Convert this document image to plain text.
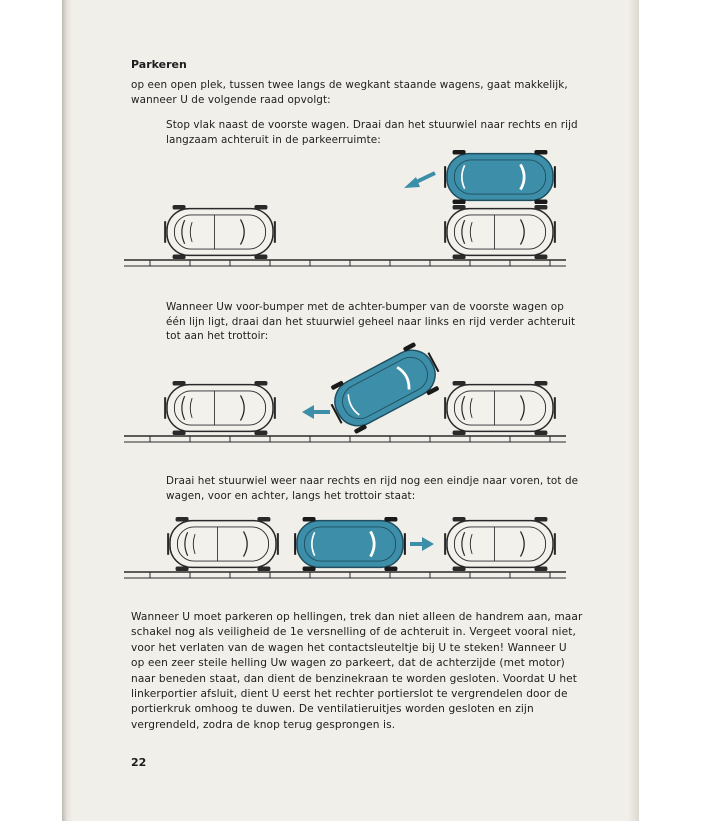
Parkeren
op een open plek, tussen twee langs de wegkant staande wagens, gaat makkelijk, wanneer U de volgende raad opvolgt:
Stop vlak naast de voorste wagen. Draai dan het stuurwiel naar rechts en rijd langzaam achteruit in de parkeerruimte:
Wanneer Uw voor-bumper met de achter-bumper van de voorste wagen op één lijn ligt, draai dan het stuurwiel geheel naar links en rijd verder achteruit tot aan het trottoir:
Draai het stuurwiel weer naar rechts en rijd nog een eindje naar voren, tot de wagen, voor en achter, langs het trottoir staat:
Wanneer U moet parkeren op hellingen, trek dan niet alleen de handrem aan, maar schakel nog als veiligheid de 1e versnelling of de achteruit in. Vergeet vooral niet, voor het verlaten van de wagen het contactsleuteltje bij U te steken! Wanneer U op een zeer steile helling Uw wagen zo parkeert, dat de achterzijde (met motor) naar beneden staat, dan dient de benzinekraan te worden gesloten. Voordat U het linkerportier afsluit, dient U eerst het rechter portierslot te vergrendelen door de portierkruk omhoog te duwen. De ventilatieruitjes worden gesloten en zijn vergrendeld, zodra de knop terug gesprongen is.
22
